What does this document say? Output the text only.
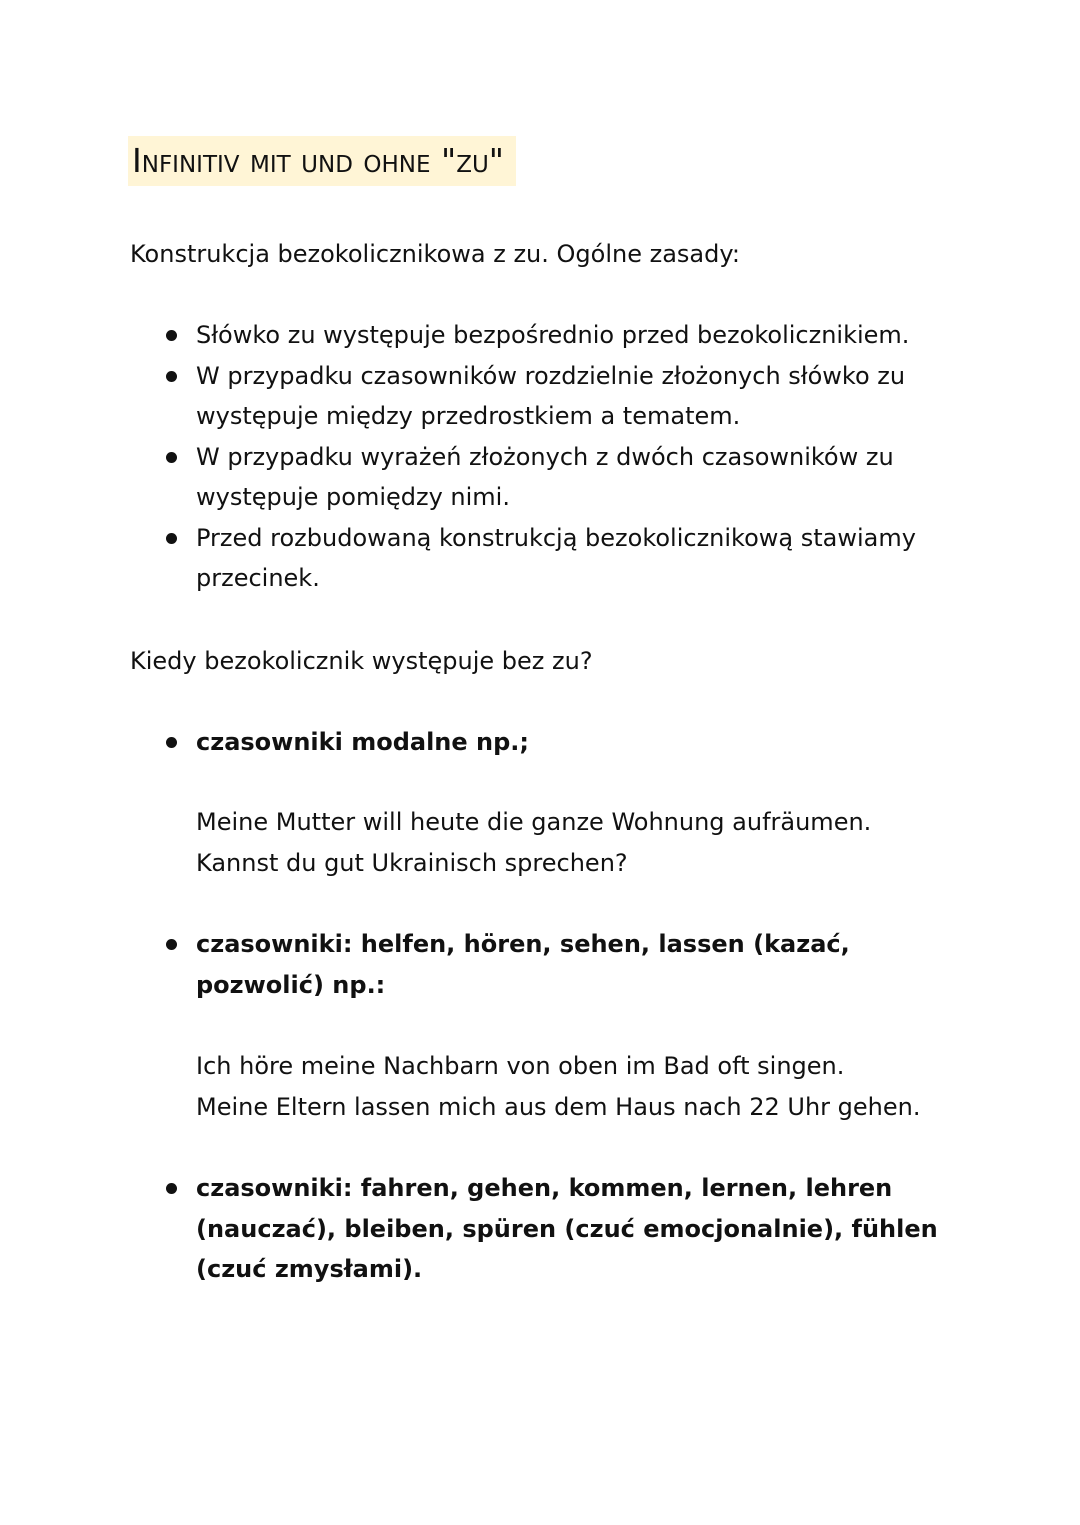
Infinitiv mit und ohne "zu"
Konstrukcja bezokolicznikowa z zu. Ogólne zasady:
Słówko zu występuje bezpośrednio przed bezokolicznikiem.
W przypadku czasowników rozdzielnie złożonych słówko zu występuje między przedrostkiem a tematem.
W przypadku wyrażeń złożonych z dwóch czasowników zu występuje pomiędzy nimi.
Przed rozbudowaną konstrukcją bezokolicznikową stawiamy przecinek.
Kiedy bezokolicznik występuje bez zu?
czasowniki modalne np.;
Meine Mutter will heute die ganze Wohnung aufräumen.
Kannst du gut Ukrainisch sprechen?
czasowniki: helfen, hören, sehen, lassen (kazać, pozwolić) np.:
Ich höre meine Nachbarn von oben im Bad oft singen.
Meine Eltern lassen mich aus dem Haus nach 22 Uhr gehen.
czasowniki: fahren, gehen, kommen, lernen, lehren (nauczać), bleiben, spüren (czuć emocjonalnie), fühlen (czuć zmysłami).
